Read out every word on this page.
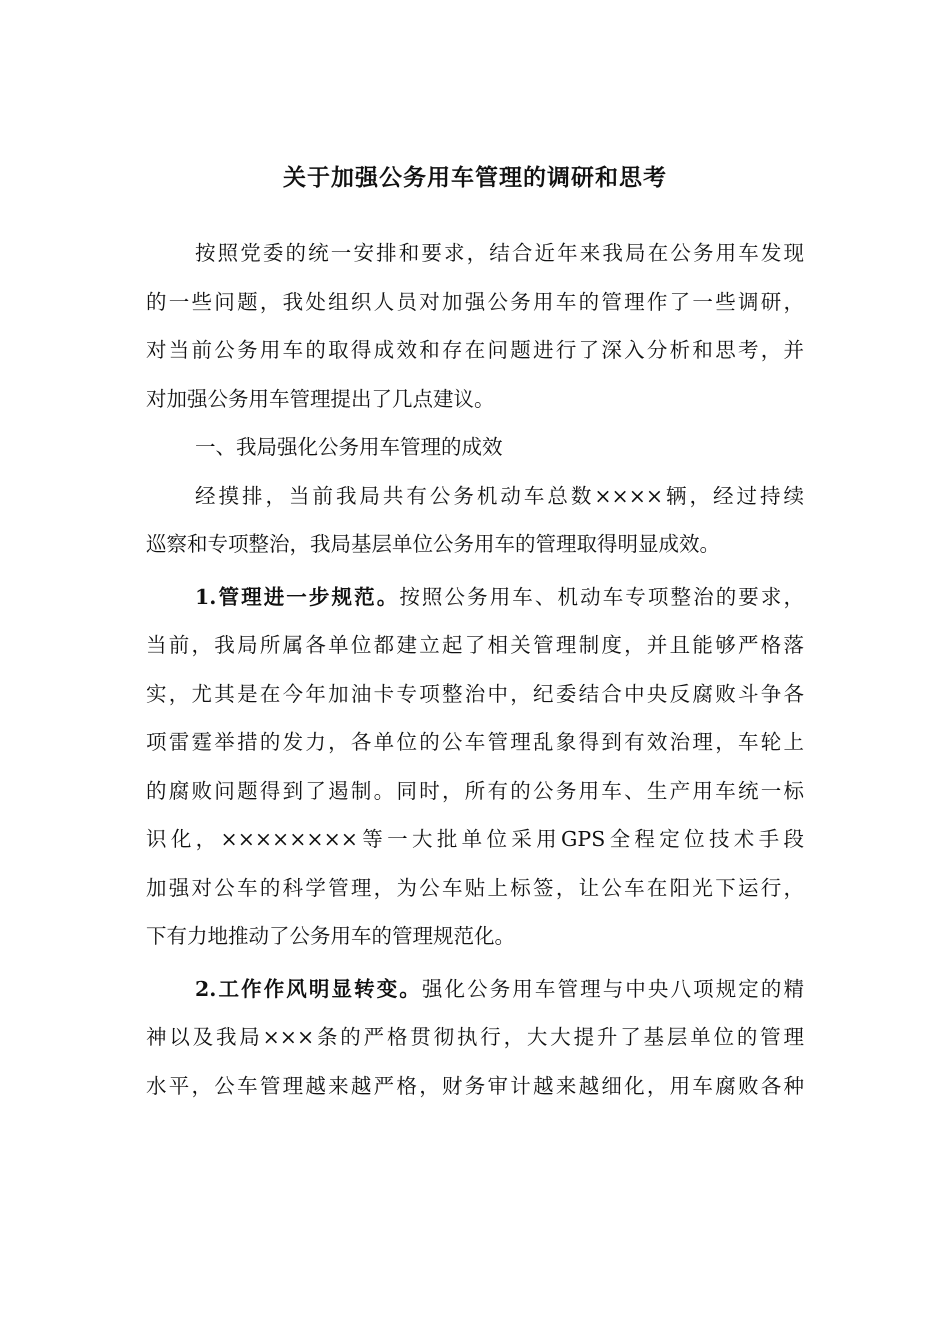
关于加强公务用车管理的调研和思考
按照党委的统一安排和要求，结合近年来我局在公务用车发现
的一些问题，我处组织人员对加强公务用车的管理作了一些调研，
对当前公务用车的取得成效和存在问题进行了深入分析和思考，并
对加强公务用车管理提出了几点建议。
一、我局强化公务用车管理的成效
经摸排，当前我局共有公务机动车总数××××辆，经过持续
巡察和专项整治，我局基层单位公务用车的管理取得明显成效。
1.管理进一步规范。按照公务用车、机动车专项整治的要求，
当前，我局所属各单位都建立起了相关管理制度，并且能够严格落
实，尤其是在今年加油卡专项整治中，纪委结合中央反腐败斗争各
项雷霆举措的发力，各单位的公车管理乱象得到有效治理，车轮上
的腐败问题得到了遏制。同时，所有的公务用车、生产用车统一标
识化，××××××××等一大批单位采用GPS全程定位技术手段
加强对公车的科学管理，为公车贴上标签，让公车在阳光下运行，
下有力地推动了公务用车的管理规范化。
2.工作作风明显转变。强化公务用车管理与中央八项规定的精
神以及我局×××条的严格贯彻执行，大大提升了基层单位的管理
水平，公车管理越来越严格，财务审计越来越细化，用车腐败各种
